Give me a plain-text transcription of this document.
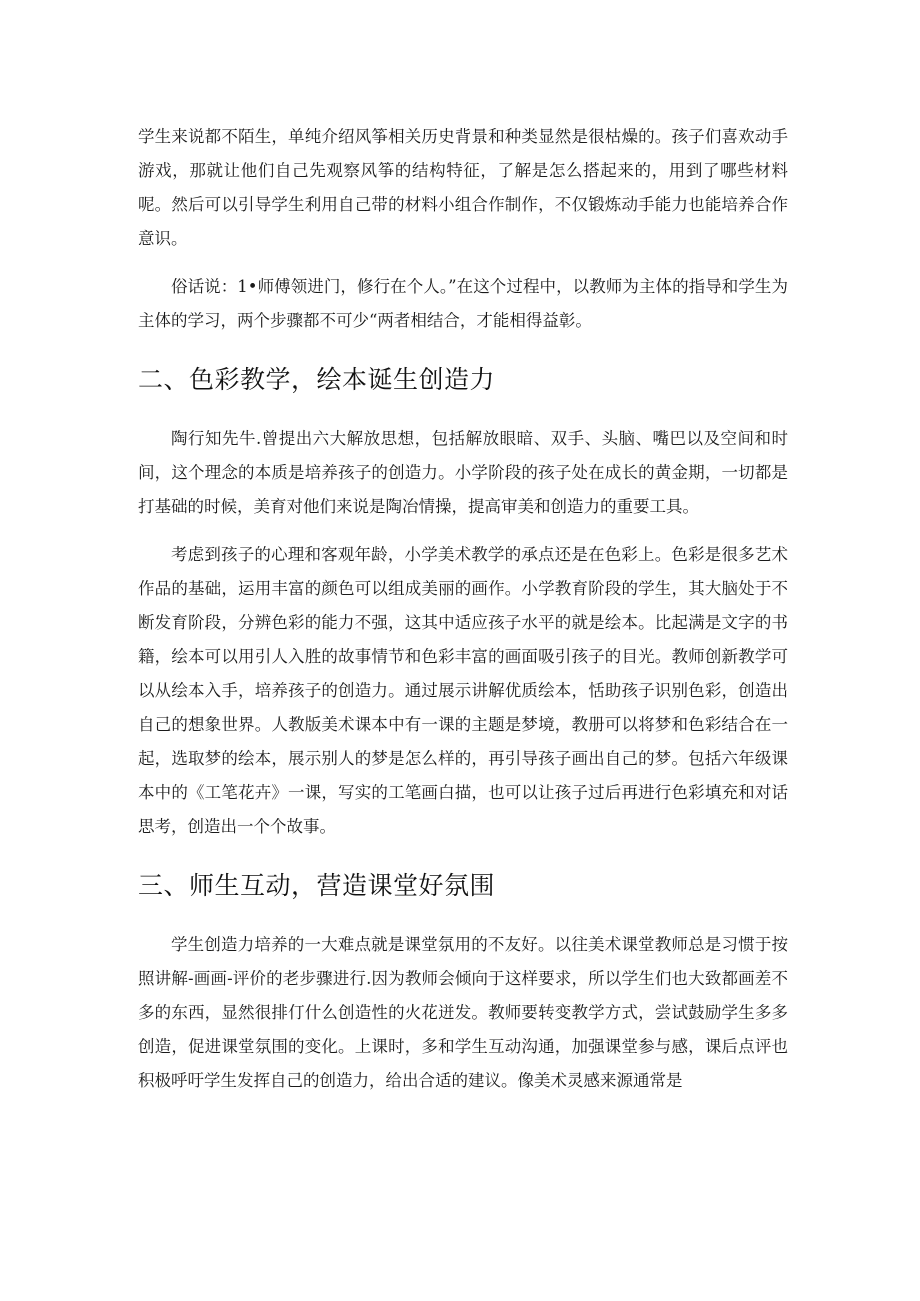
学生来说都不陌生，单纯介绍风筝相关历史背景和种类显然是很枯燥的。孩子们喜欢动手游戏，那就让他们自己先观察风筝的结构特征，了解是怎么搭起来的，用到了哪些材料呢。然后可以引导学生利用自己带的材料小组合作制作，不仅锻炼动手能力也能培养合作意识。

俗话说：1•师傅领进门，修行在个人。”在这个过程中，以教师为主体的指导和学生为主体的学习，两个步骤都不可少“两者相结合，才能相得益彰。

二、色彩教学，绘本诞生创造力

陶行知先牛.曾提出六大解放思想，包括解放眼暗、双手、头脑、嘴巴以及空间和时间，这个理念的本质是培养孩子的创造力。小学阶段的孩子处在成长的黄金期，一切都是打基础的时候，美育对他们来说是陶冶情操，提高审美和创造力的重要工具。

考虑到孩子的心理和客观年龄，小学美术教学的承点还是在色彩上。色彩是很多艺术作品的基础，运用丰富的颜色可以组成美丽的画作。小学教育阶段的学生，其大脑处于不断发育阶段，分辨色彩的能力不强，这其中适应孩子水平的就是绘本。比起满是文字的书籍，绘本可以用引人入胜的故事情节和色彩丰富的画面吸引孩子的目光。教师创新教学可以从绘本入手，培养孩子的创造力。通过展示讲解优质绘本，恬助孩子识别色彩，创造出自己的想象世界。人教版美术课本中有一课的主题是梦境，教册可以将梦和色彩结合在一起，选取梦的绘本，展示别人的梦是怎么样的，再引导孩子画出自己的梦。包括六年级课本中的《工笔花卉》一课，写实的工笔画白描，也可以让孩子过后再进行色彩填充和对话思考，创造出一个个故事。

三、师生互动，营造课堂好氛围

学生创造力培养的一大难点就是课堂氛用的不友好。以往美术课堂教师总是习惯于按照讲解-画画-评价的老步骤进行.因为教师会倾向于这样要求，所以学生们也大致都画差不多的东西，显然很排仃什么创造性的火花迸发。教师要转变教学方式，尝试鼓励学生多多创造，促进课堂氛围的变化。上课时，多和学生互动沟通，加强课堂参与感，课后点评也积极呼吁学生发挥自己的创造力，给出合适的建议。像美术灵感来源通常是
